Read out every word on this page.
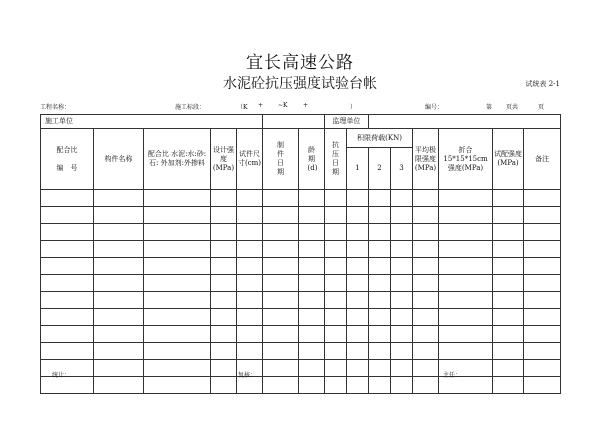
宜长高速公路
水泥砼抗压强度试验台帐	试统表 2-1
工程名称：	施工标段：	（K + ~K	+	）	编号：	第 页共	页
施工单位							监理单位							
配合比

编　号	构件名称	配合比 水泥:水:砂:石: 外加剂:外掺料	设计强度(MPa)	试件尺寸(cm)	制件日期	龄期(d)	抗压日期	积限荷载(KN)			平均极限强度(MPa)	折合 15*15*15cm 强度(MPa)	试配强度(MPa)	备注
								1	2	3				

统计：	复核：	主任：
